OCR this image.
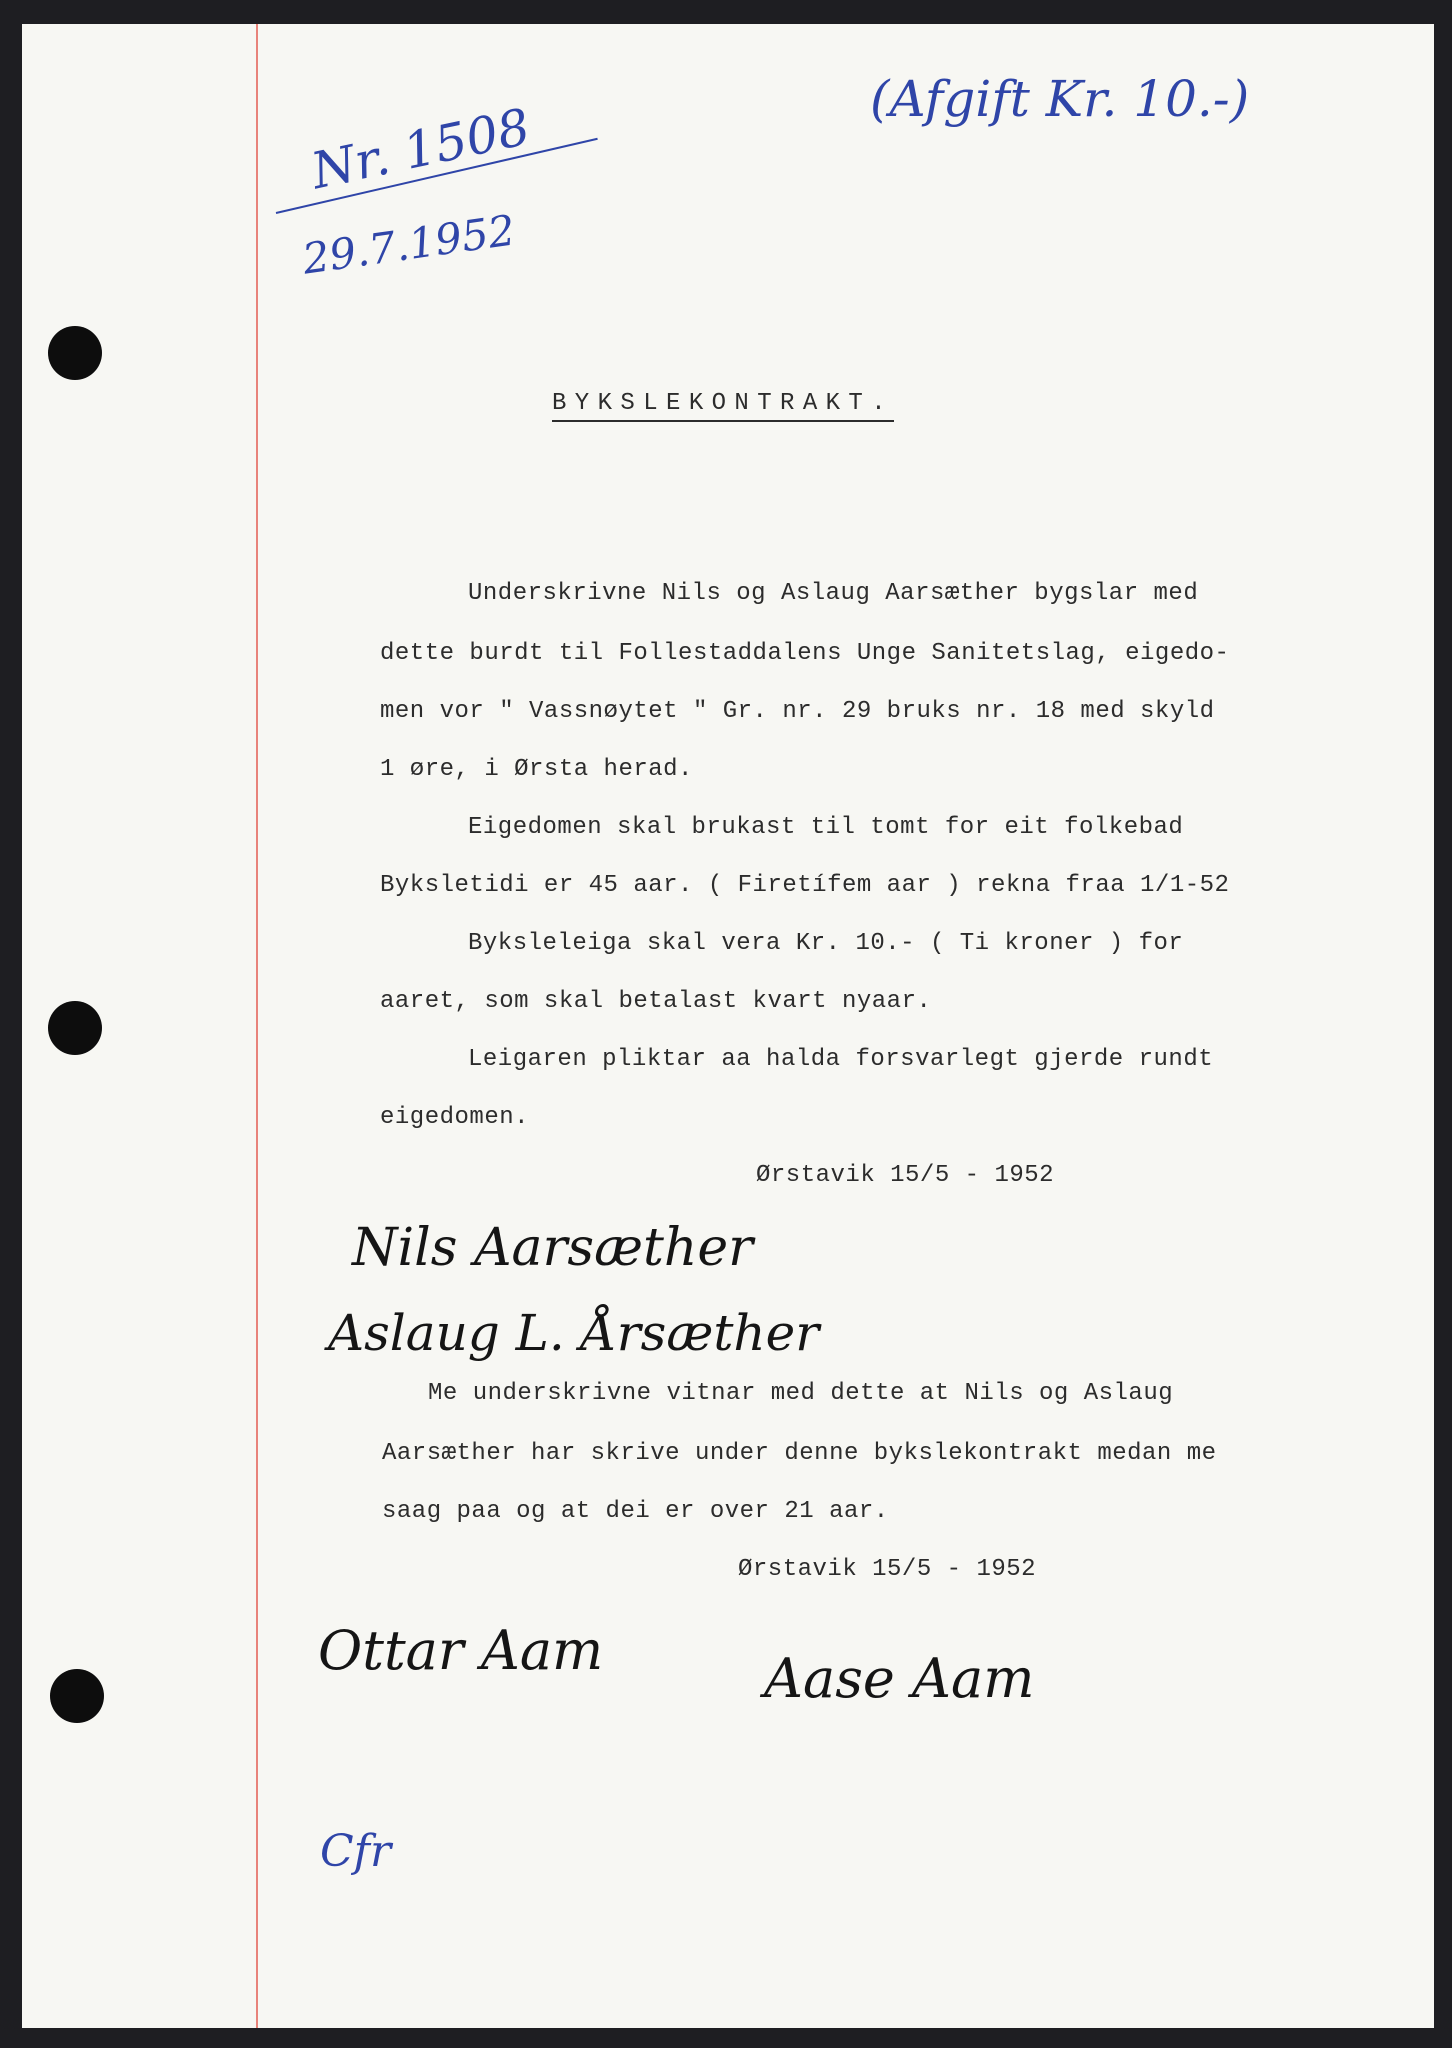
Nr. 1508
29.7.1952
(Afgift Kr. 10.-)
BYKSLEKONTRAKT.
Underskrivne Nils og Aslaug Aarsæther bygslar med
dette burdt til Follestaddalens Unge Sanitetslag, eigedo-
men vor " Vassnøytet " Gr. nr. 29 bruks nr. 18 med skyld
1 øre, i Ørsta herad.
Eigedomen skal brukast til tomt for eit folkebad
Byksletidi er 45 aar. ( Firetífem aar ) rekna fraa 1/1-52
Byksleleiga skal vera Kr. 10.- ( Ti kroner ) for
aaret, som skal betalast kvart nyaar.
Leigaren pliktar aa halda forsvarlegt gjerde rundt
eigedomen.
Ørstavik 15/5 - 1952
Nils Aarsæther
Aslaug L. Årsæther
Me underskrivne vitnar med dette at Nils og Aslaug
Aarsæther har skrive under denne bykslekontrakt medan me
saag paa og at dei er over 21 aar.
Ørstavik 15/5 - 1952
Ottar Aam	Aase Aam
Cfr
